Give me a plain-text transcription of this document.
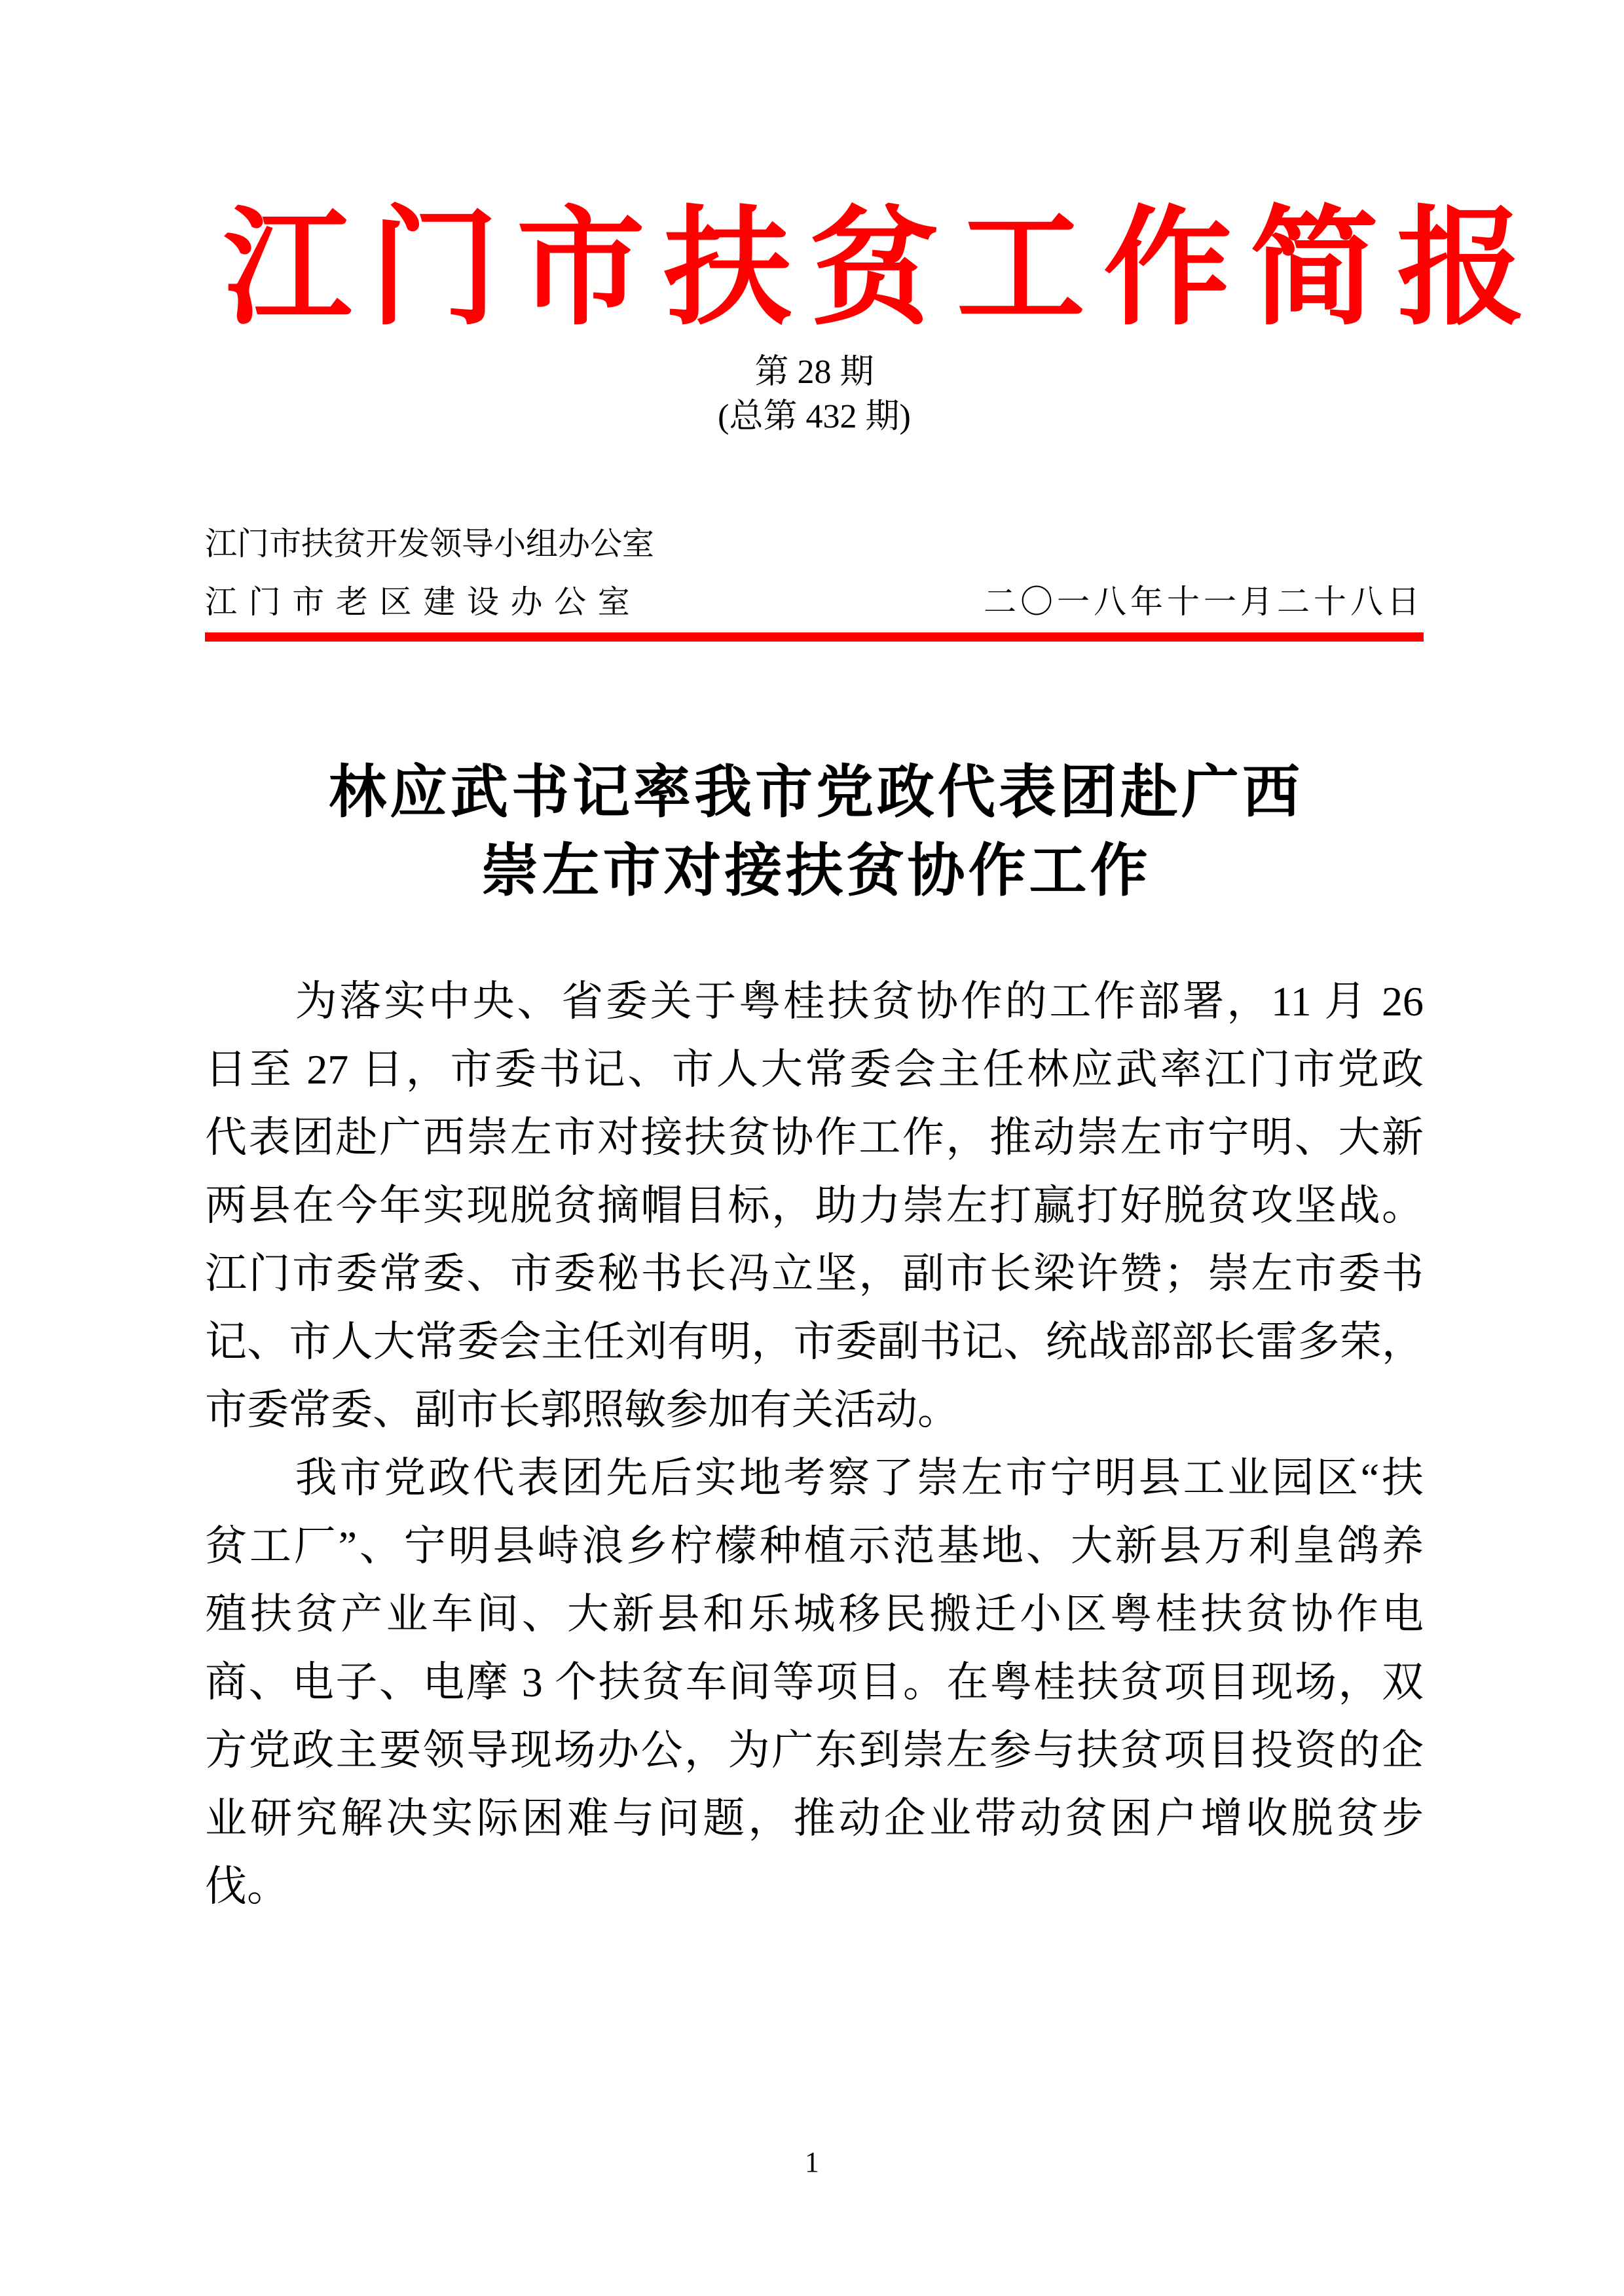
江门市扶贫工作简报
第 28 期
(总第 432 期)
江门市扶贫开发领导小组办公室
江门市老区建设办公室	二〇一八年十一月二十八日
林应武书记率我市党政代表团赴广西
崇左市对接扶贫协作工作
为落实中央、省委关于粤桂扶贫协作的工作部署，11 月 26
日至 27 日，市委书记、市人大常委会主任林应武率江门市党政
代表团赴广西崇左市对接扶贫协作工作，推动崇左市宁明、大新
两县在今年实现脱贫摘帽目标，助力崇左打赢打好脱贫攻坚战。
江门市委常委、市委秘书长冯立坚，副市长梁许赞；崇左市委书
记、市人大常委会主任刘有明，市委副书记、统战部部长雷多荣，
市委常委、副市长郭照敏参加有关活动。
我市党政代表团先后实地考察了崇左市宁明县工业园区“扶
贫工厂”、宁明县峙浪乡柠檬种植示范基地、大新县万利皇鸽养
殖扶贫产业车间、大新县和乐城移民搬迁小区粤桂扶贫协作电
商、电子、电摩 3 个扶贫车间等项目。在粤桂扶贫项目现场，双
方党政主要领导现场办公，为广东到崇左参与扶贫项目投资的企
业研究解决实际困难与问题，推动企业带动贫困户增收脱贫步
伐。
1
